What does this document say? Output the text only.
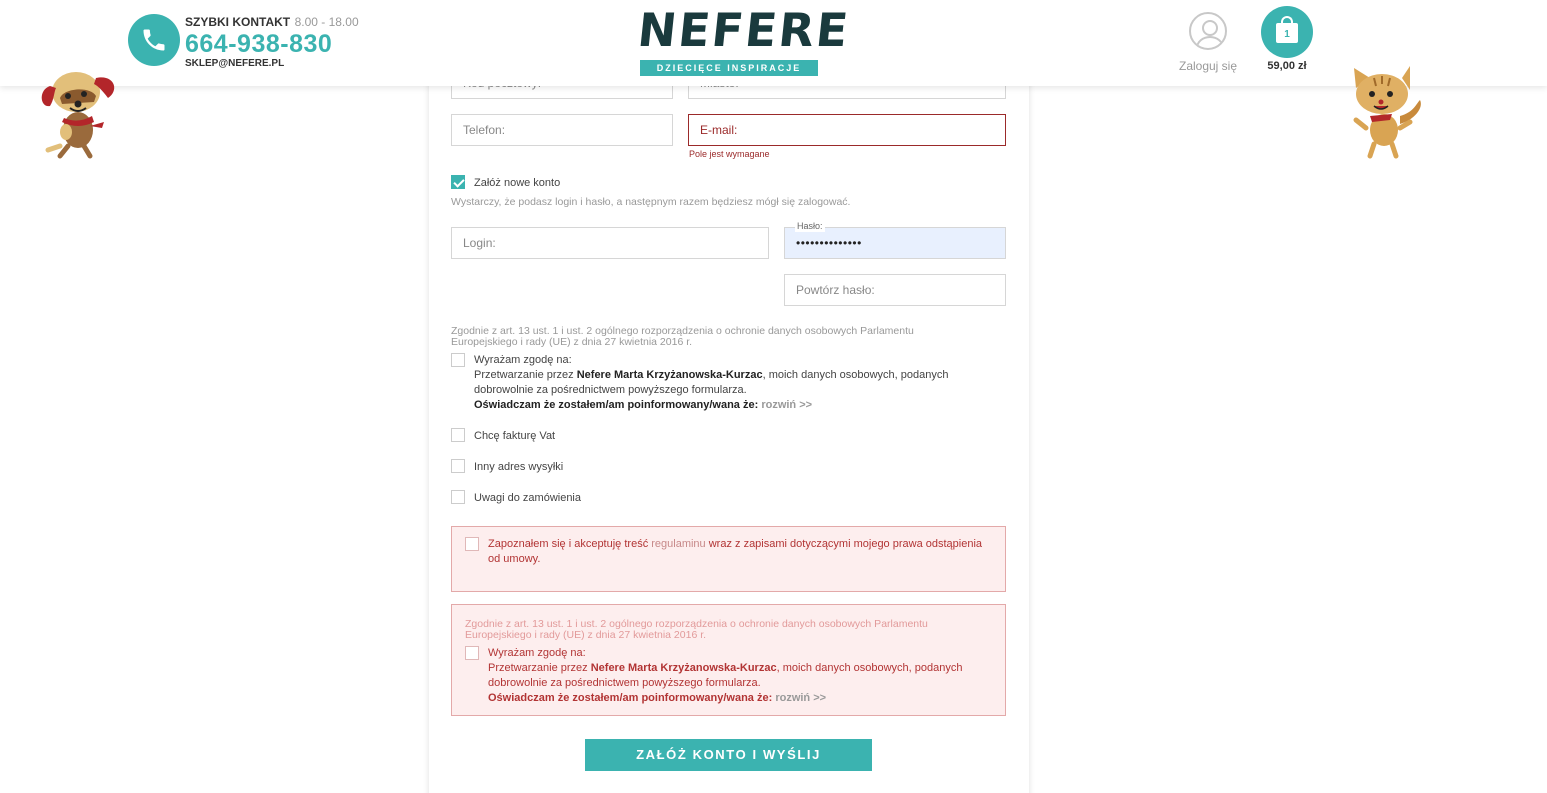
SZYBKI KONTAKT 8.00 - 18.00
664-938-830
SKLEP@NEFERE.PL
NEFERE
DZIECIĘCE INSPIRACJE	Zaloguj się
1
59,00 zł
Telefon:	E-mail:
Pole jest wymagane
Załóż nowe konto
Wystarczy, że podasz login i hasło, a następnym razem będziesz mógł się zalogować.
Login:
Hasło:
••••••••••••••
Powtórz hasło:
Zgodnie z art. 13 ust. 1 i ust. 2 ogólnego rozporządzenia o ochronie danych osobowych Parlamentu Europejskiego i rady (UE) z dnia 27 kwietnia 2016 r.
Wyrażam zgodę na:
Przetwarzanie przez Nefere Marta Krzyżanowska-Kurzac, moich danych osobowych, podanych
dobrowolnie za pośrednictwem powyższego formularza.
Oświadczam że zostałem/am poinformowany/wana że: rozwiń >>
Chcę fakturę Vat
Inny adres wysyłki
Uwagi do zamówienia
Zapoznałem się i akceptuję treść regulaminu wraz z zapisami dotyczącymi mojego prawa odstąpienia
od umowy.
Zgodnie z art. 13 ust. 1 i ust. 2 ogólnego rozporządzenia o ochronie danych osobowych Parlamentu Europejskiego i rady (UE) z dnia 27 kwietnia 2016 r.
Wyrażam zgodę na:
Przetwarzanie przez Nefere Marta Krzyżanowska-Kurzac, moich danych osobowych, podanych
dobrowolnie za pośrednictwem powyższego formularza.
Oświadczam że zostałem/am poinformowany/wana że: rozwiń >>
ZAŁÓŻ KONTO I WYŚLIJ ZAMÓWIENIE
